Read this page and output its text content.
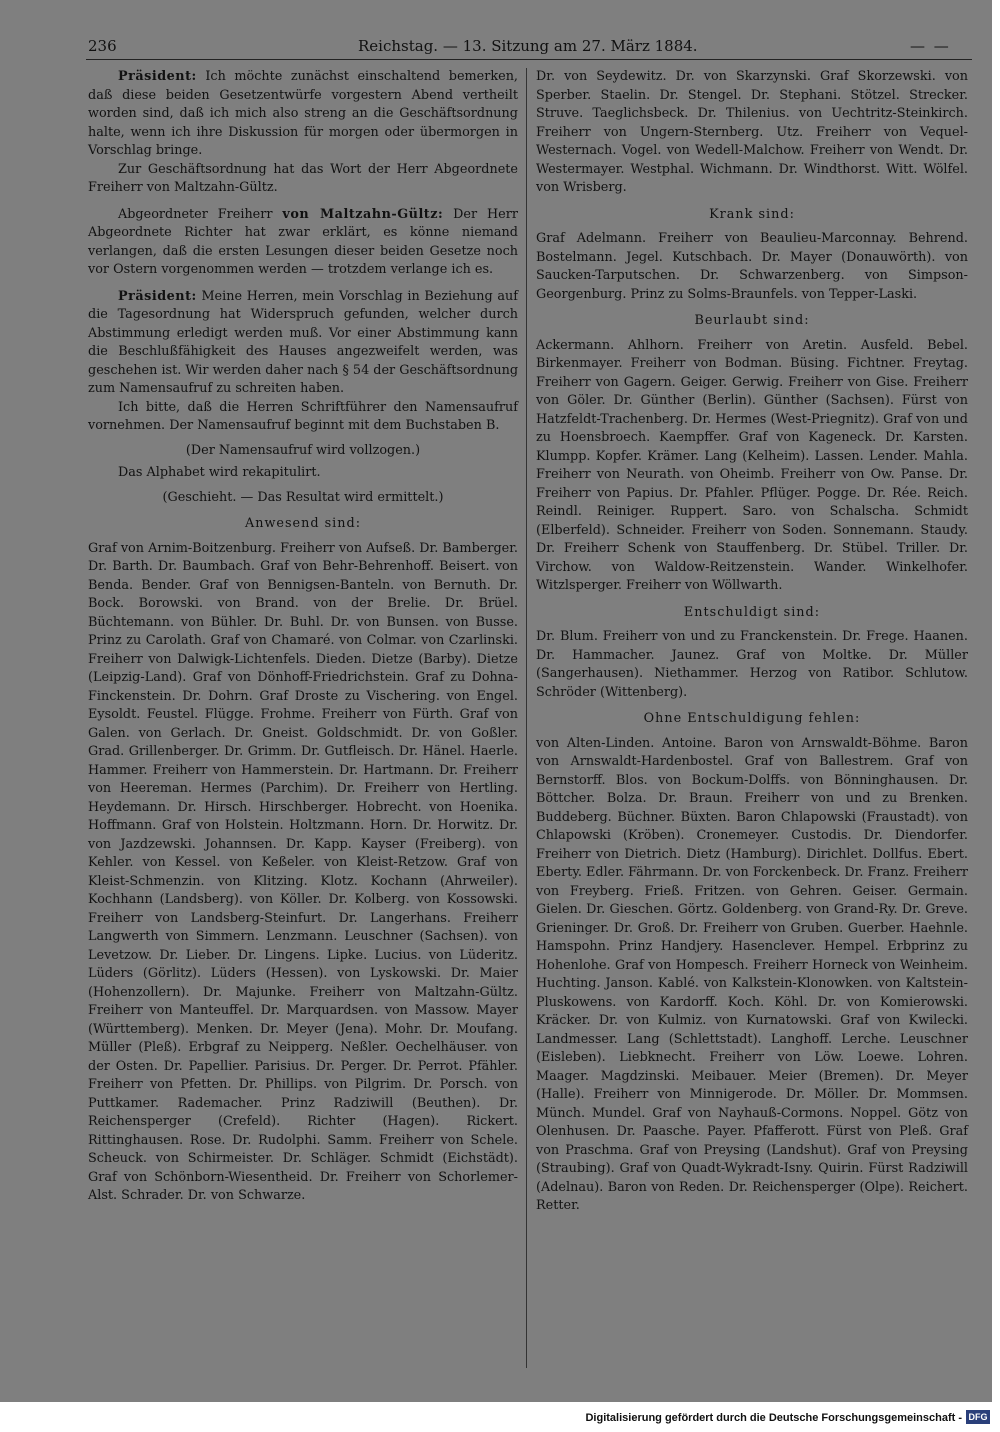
236	Reichstag. — 13. Sitzung am 27. März 1884.	— —

Präsident: Ich möchte zunächst einschaltend bemerken, daß diese beiden Gesetzentwürfe vorgestern Abend vertheilt worden sind, daß ich mich also streng an die Geschäftsordnung halte, wenn ich ihre Diskussion für morgen oder übermorgen in Vorschlag bringe.

Zur Geschäftsordnung hat das Wort der Herr Abgeordnete Freiherr von Maltzahn-Gültz.

Abgeordneter Freiherr von Maltzahn-Gültz: Der Herr Abgeordnete Richter hat zwar erklärt, es könne niemand verlangen, daß die ersten Lesungen dieser beiden Gesetze noch vor Ostern vorgenommen werden — trotzdem verlange ich es.

Präsident: Meine Herren, mein Vorschlag in Beziehung auf die Tagesordnung hat Widerspruch gefunden, welcher durch Abstimmung erledigt werden muß. Vor einer Abstimmung kann die Beschlußfähigkeit des Hauses angezweifelt werden, was geschehen ist. Wir werden daher nach § 54 der Geschäftsordnung zum Namensaufruf zu schreiten haben.

Ich bitte, daß die Herren Schriftführer den Namensaufruf vornehmen. Der Namensaufruf beginnt mit dem Buchstaben B.

(Der Namensaufruf wird vollzogen.)

Das Alphabet wird rekapitulirt.

(Geschieht. — Das Resultat wird ermittelt.)
Anwesend sind:
Graf von Arnim-Boitzenburg. Freiherr von Aufseß. Dr. Bamberger. Dr. Barth. Dr. Baumbach. Graf von Behr-Behrenhoff. Beisert. von Benda. Bender. Graf von Bennigsen-Banteln. von Bernuth. Dr. Bock. Borowski. von Brand. von der Brelie. Dr. Brüel. Büchtemann. von Bühler. Dr. Buhl. Dr. von Bunsen. von Busse. Prinz zu Carolath. Graf von Chamaré. von Colmar. von Czarlinski. Freiherr von Dalwigk-Lichtenfels. Dieden. Dietze (Barby). Dietze (Leipzig-Land). Graf von Dönhoff-Friedrichstein. Graf zu Dohna-Finckenstein. Dr. Dohrn. Graf Droste zu Vischering. von Engel. Eysoldt. Feustel. Flügge. Frohme. Freiherr von Fürth. Graf von Galen. von Gerlach. Dr. Gneist. Goldschmidt. Dr. von Goßler. Grad. Grillenberger. Dr. Grimm. Dr. Gutfleisch. Dr. Hänel. Haerle. Hammer. Freiherr von Hammerstein. Dr. Hartmann. Dr. Freiherr von Heereman. Hermes (Parchim). Dr. Freiherr von Hertling. Heydemann. Dr. Hirsch. Hirschberger. Hobrecht. von Hoenika. Hoffmann. Graf von Holstein. Holtzmann. Horn. Dr. Horwitz. Dr. von Jazdzewski. Johannsen. Dr. Kapp. Kayser (Freiberg). von Kehler. von Kessel. von Keßeler. von Kleist-Retzow. Graf von Kleist-Schmenzin. von Klitzing. Klotz. Kochann (Ahrweiler). Kochhann (Landsberg). von Köller. Dr. Kolberg. von Kossowski. Freiherr von Landsberg-Steinfurt. Dr. Langerhans. Freiherr Langwerth von Simmern. Lenzmann. Leuschner (Sachsen). von Levetzow. Dr. Lieber. Dr. Lingens. Lipke. Lucius. von Lüderitz. Lüders (Görlitz). Lüders (Hessen). von Lyskowski. Dr. Maier (Hohenzollern). Dr. Majunke. Freiherr von Maltzahn-Gültz. Freiherr von Manteuffel. Dr. Marquardsen. von Massow. Mayer (Württemberg). Menken. Dr. Meyer (Jena). Mohr. Dr. Moufang. Müller (Pleß). Erbgraf zu Neipperg. Neßler. Oechelhäuser. von der Osten. Dr. Papellier. Parisius. Dr. Perger. Dr. Perrot. Pfähler. Freiherr von Pfetten. Dr. Phillips. von Pilgrim. Dr. Porsch. von Puttkamer. Rademacher. Prinz Radziwill (Beuthen). Dr. Reichensperger (Crefeld). Richter (Hagen). Rickert. Rittinghausen. Rose. Dr. Rudolphi. Samm. Freiherr von Schele. Scheuck. von Schirmeister. Dr. Schläger. Schmidt (Eichstädt). Graf von Schönborn-Wiesentheid. Dr. Freiherr von Schorlemer-Alst. Schrader. Dr. von Schwarze.
Dr. von Seydewitz. Dr. von Skarzynski. Graf Skorzewski. von Sperber. Staelin. Dr. Stengel. Dr. Stephani. Stötzel. Strecker. Struve. Taeglichsbeck. Dr. Thilenius. von Uechtritz-Steinkirch. Freiherr von Ungern-Sternberg. Utz. Freiherr von Vequel-Westernach. Vogel. von Wedell-Malchow. Freiherr von Wendt. Dr. Westermayer. Westphal. Wichmann. Dr. Windthorst. Witt. Wölfel. von Wrisberg.
Krank sind:
Graf Adelmann. Freiherr von Beaulieu-Marconnay. Behrend. Bostelmann. Jegel. Kutschbach. Dr. Mayer (Donauwörth). von Saucken-Tarputschen. Dr. Schwarzenberg. von Simpson-Georgenburg. Prinz zu Solms-Braunfels. von Tepper-Laski.
Beurlaubt sind:
Ackermann. Ahlhorn. Freiherr von Aretin. Ausfeld. Bebel. Birkenmayer. Freiherr von Bodman. Büsing. Fichtner. Freytag. Freiherr von Gagern. Geiger. Gerwig. Freiherr von Gise. Freiherr von Göler. Dr. Günther (Berlin). Günther (Sachsen). Fürst von Hatzfeldt-Trachenberg. Dr. Hermes (West-Priegnitz). Graf von und zu Hoensbroech. Kaempffer. Graf von Kageneck. Dr. Karsten. Klumpp. Kopfer. Krämer. Lang (Kelheim). Lassen. Lender. Mahla. Freiherr von Neurath. von Oheimb. Freiherr von Ow. Panse. Dr. Freiherr von Papius. Dr. Pfahler. Pflüger. Pogge. Dr. Rée. Reich. Reindl. Reiniger. Ruppert. Saro. von Schalscha. Schmidt (Elberfeld). Schneider. Freiherr von Soden. Sonnemann. Staudy. Dr. Freiherr Schenk von Stauffenberg. Dr. Stübel. Triller. Dr. Virchow. von Waldow-Reitzenstein. Wander. Winkelhofer. Witzlsperger. Freiherr von Wöllwarth.
Entschuldigt sind:
Dr. Blum. Freiherr von und zu Franckenstein. Dr. Frege. Haanen. Dr. Hammacher. Jaunez. Graf von Moltke. Dr. Müller (Sangerhausen). Niethammer. Herzog von Ratibor. Schlutow. Schröder (Wittenberg).
Ohne Entschuldigung fehlen:
von Alten-Linden. Antoine. Baron von Arnswaldt-Böhme. Baron von Arnswaldt-Hardenbostel. Graf von Ballestrem. Graf von Bernstorff. Blos. von Bockum-Dolffs. von Bönninghausen. Dr. Böttcher. Bolza. Dr. Braun. Freiherr von und zu Brenken. Buddeberg. Büchner. Büxten. Baron Chlapowski (Fraustadt). von Chlapowski (Kröben). Cronemeyer. Custodis. Dr. Diendorfer. Freiherr von Dietrich. Dietz (Hamburg). Dirichlet. Dollfus. Ebert. Eberty. Edler. Fährmann. Dr. von Forckenbeck. Dr. Franz. Freiherr von Freyberg. Frieß. Fritzen. von Gehren. Geiser. Germain. Gielen. Dr. Gieschen. Görtz. Goldenberg. von Grand-Ry. Dr. Greve. Grieninger. Dr. Groß. Dr. Freiherr von Gruben. Guerber. Haehnle. Hamspohn. Prinz Handjery. Hasenclever. Hempel. Erbprinz zu Hohenlohe. Graf von Hompesch. Freiherr Horneck von Weinheim. Huchting. Janson. Kablé. von Kalkstein-Klonowken. von Kaltstein-Pluskowens. von Kardorff. Koch. Köhl. Dr. von Komierowski. Kräcker. Dr. von Kulmiz. von Kurnatowski. Graf von Kwilecki. Landmesser. Lang (Schlettstadt). Langhoff. Lerche. Leuschner (Eisleben). Liebknecht. Freiherr von Löw. Loewe. Lohren. Maager. Magdzinski. Meibauer. Meier (Bremen). Dr. Meyer (Halle). Freiherr von Minnigerode. Dr. Möller. Dr. Mommsen. Münch. Mundel. Graf von Nayhauß-Cormons. Noppel. Götz von Olenhusen. Dr. Paasche. Payer. Pfafferott. Fürst von Pleß. Graf von Praschma. Graf von Preysing (Landshut). Graf von Preysing (Straubing). Graf von Quadt-Wykradt-Isny. Quirin. Fürst Radziwill (Adelnau). Baron von Reden. Dr. Reichensperger (Olpe). Reichert. Retter.
Digitalisierung gefördert durch die Deutsche Forschungsgemeinschaft - DFG
